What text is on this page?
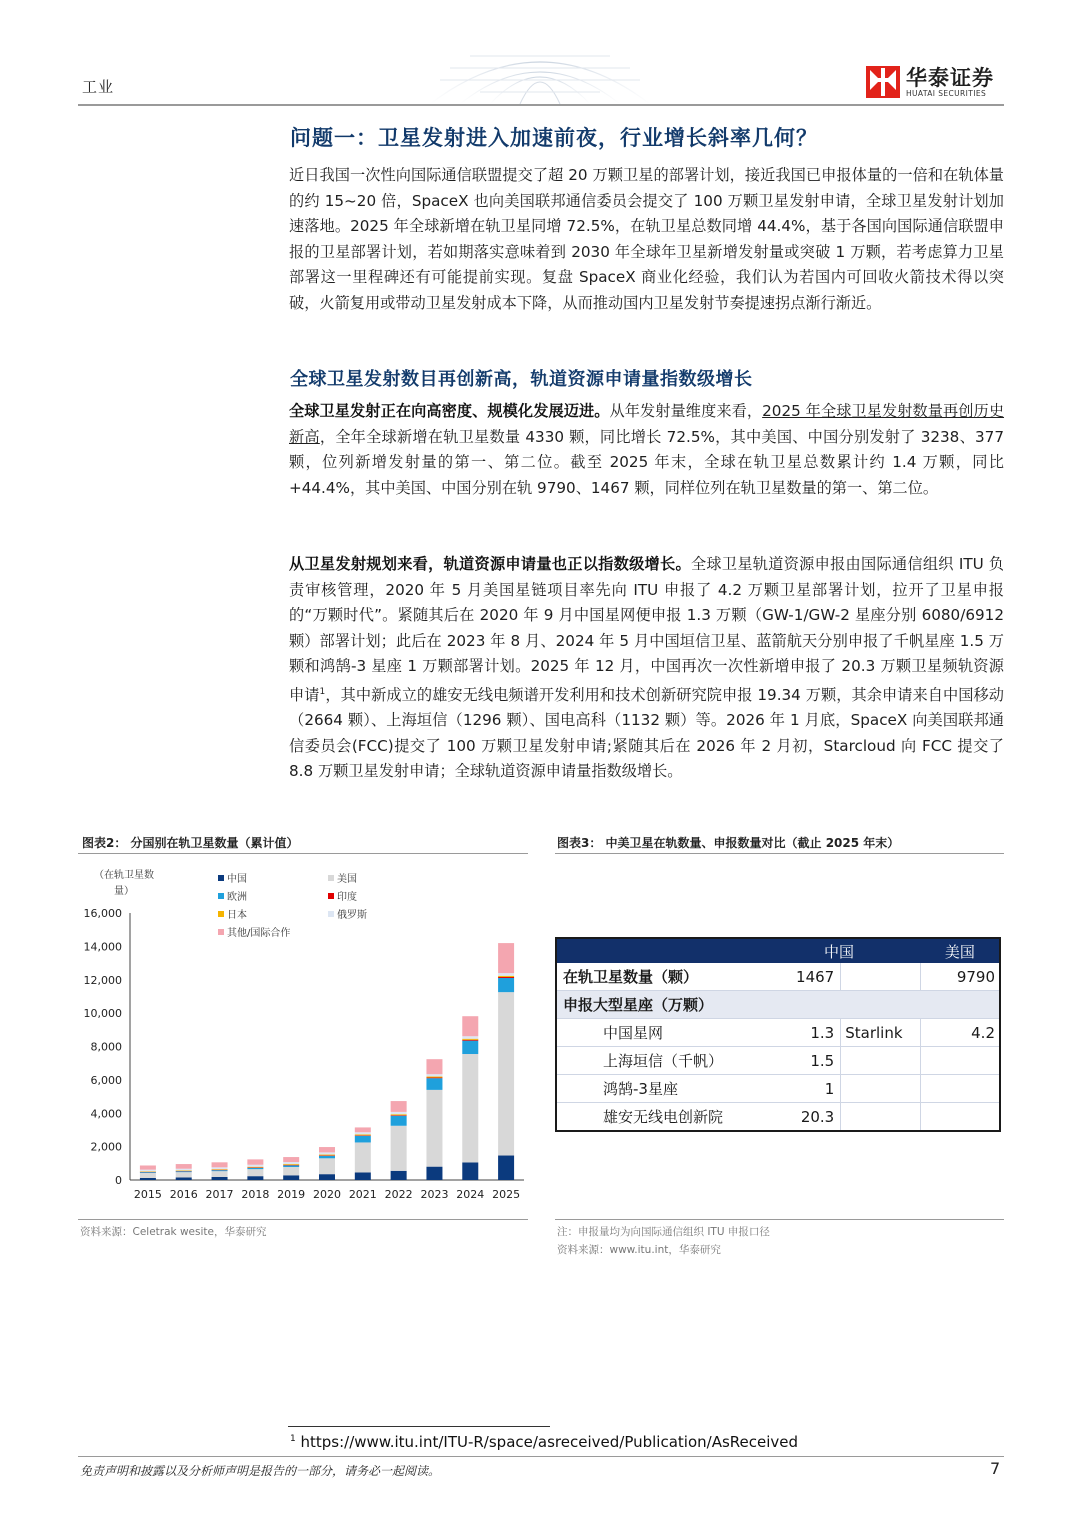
工业	华泰证券
HUATAI SECURITIES
问题一：卫星发射进入加速前夜，行业增长斜率几何？
近日我国一次性向国际通信联盟提交了超 20 万颗卫星的部署计划，接近我国已申报体量的一倍和在轨体量的约 15~20 倍，SpaceX 也向美国联邦通信委员会提交了 100 万颗卫星发射申请，全球卫星发射计划加速落地。2025 年全球新增在轨卫星同增 72.5%，在轨卫星总数同增 44.4%，基于各国向国际通信联盟申报的卫星部署计划，若如期落实意味着到 2030 年全球年卫星新增发射量或突破 1 万颗，若考虑算力卫星部署这一里程碑还有可能提前实现。复盘 SpaceX 商业化经验，我们认为若国内可回收火箭技术得以突破，火箭复用或带动卫星发射成本下降，从而推动国内卫星发射节奏提速拐点渐行渐近。
全球卫星发射数目再创新高，轨道资源申请量指数级增长
全球卫星发射正在向高密度、规模化发展迈进。从年发射量维度来看，2025 年全球卫星发射数量再创历史新高，全年全球新增在轨卫星数量 4330 颗，同比增长 72.5%，其中美国、中国分别发射了 3238、377 颗，位列新增发射量的第一、第二位。截至 2025 年末，全球在轨卫星总数累计约 1.4 万颗，同比+44.4%，其中美国、中国分别在轨 9790、1467 颗，同样位列在轨卫星数量的第一、第二位。
从卫星发射规划来看，轨道资源申请量也正以指数级增长。全球卫星轨道资源申报由国际通信组织 ITU 负责审核管理，2020 年 5 月美国星链项目率先向 ITU 申报了 4.2 万颗卫星部署计划，拉开了卫星申报的“万颗时代”。紧随其后在 2020 年 9 月中国星网便申报 1.3 万颗（GW-1/GW-2 星座分别 6080/6912 颗）部署计划；此后在 2023 年 8 月、2024 年 5 月中国垣信卫星、蓝箭航天分别申报了千帆星座 1.5 万颗和鸿鹄-3 星座 1 万颗部署计划。2025 年 12 月，中国再次一次性新增申报了 20.3 万颗卫星频轨资源申请$^1$，其中新成立的雄安无线电频谱开发利用和技术创新研究院申报 19.34 万颗，其余申请来自中国移动（2664 颗）、上海垣信（1296 颗）、国电高科（1132 颗）等。2026 年 1 月底，SpaceX 向美国联邦通信委员会(FCC)提交了 100 万颗卫星发射申请;紧随其后在 2026 年 2 月初，Starcloud 向 FCC 提交了 8.8 万颗卫星发射申请；全球轨道资源申请量指数级增长。
图表2： 分国别在轨卫星数量（累计值）
（在轨卫星数
量）
0
2,000
4,000
6,000
8,000
10,000
12,000
14,000
16,000
2015 2016 2017 2018 2019 2020 2021 2022 2023 2024 2025
中国	美国
欧洲	印度
日本	俄罗斯
其他/国际合作
资料来源：Celetrak wesite，华泰研究
图表3： 中美卫星在轨数量、申报数量对比（截止 2025 年末）
	中国		美国
在轨卫星数量（颗）	1467		9790
申报大型星座（万颗）			
中国星网	1.3	Starlink	4.2
上海垣信（千帆）	1.5		
鸿鹄-3星座	1		
雄安无线电创新院	20.3		
注：申报量均为向国际通信组织 ITU 申报口径
资料来源：www.itu.int，华泰研究
$^1$ https://www.itu.int/ITU-R/space/asreceived/Publication/AsReceived
免责声明和披露以及分析师声明是报告的一部分，请务必一起阅读。	7
